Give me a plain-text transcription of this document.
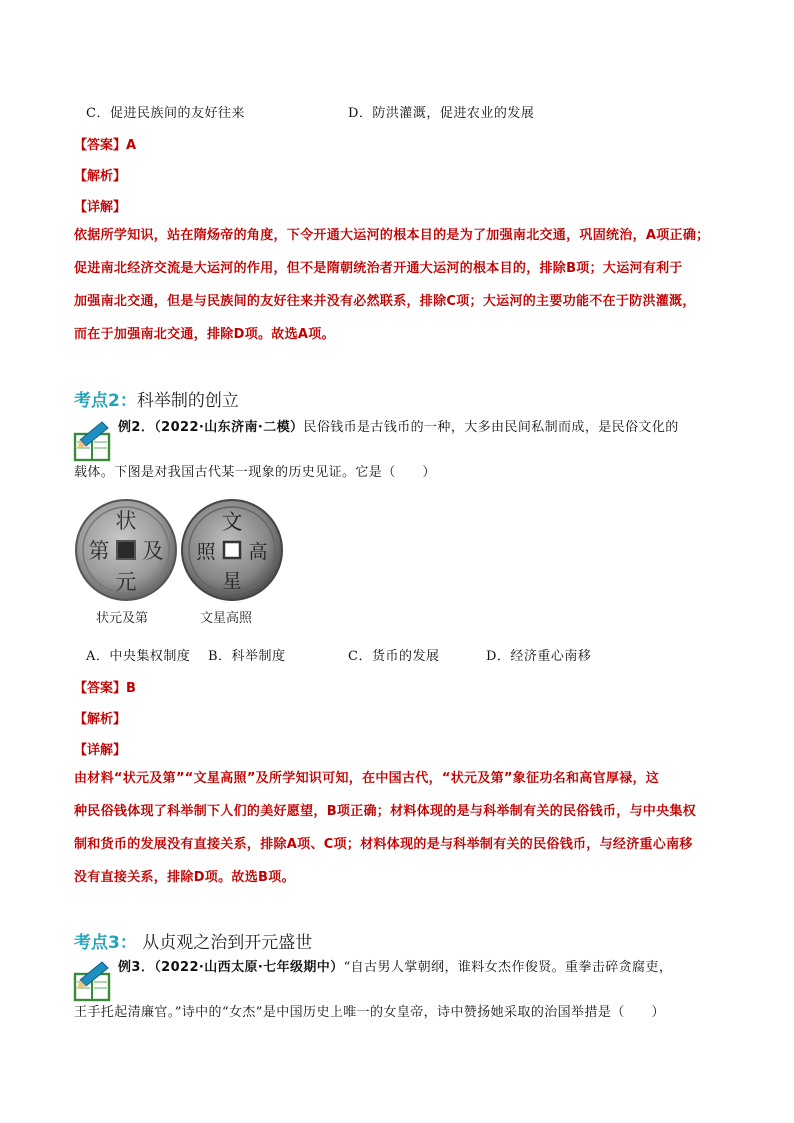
C．促进民族间的友好往来	D．防洪灌溉，促进农业的发展
【答案】A
【解析】
【详解】
依据所学知识，站在隋炀帝的角度，下令开通大运河的根本目的是为了加强南北交通，巩固统治，A项正确；
促进南北经济交流是大运河的作用，但不是隋朝统治者开通大运河的根本目的，排除B项；大运河有利于
加强南北交通，但是与民族间的友好往来并没有必然联系，排除C项；大运河的主要功能不在于防洪灌溉，
而在于加强南北交通，排除D项。故选A项。
考点2：科举制的创立
例2．（2022·山东济南·二模）民俗钱币是古钱币的一种，大多由民间私制而成，是民俗文化的
载体。下图是对我国古代某一现象的历史见证。它是（　　）
状
第 及
元
文
照 高
星
状元及第	文星高照
A．中央集权制度 B．科举制度	C．货币的发展	D．经济重心南移
【答案】B
【解析】
【详解】
由材料“状元及第”“文星高照”及所学知识可知，在中国古代，“状元及第”象征功名和高官厚禄，这
种民俗钱体现了科举制下人们的美好愿望，B项正确；材料体现的是与科举制有关的民俗钱币，与中央集权
制和货币的发展没有直接关系，排除A项、C项；材料体现的是与科举制有关的民俗钱币，与经济重心南移
没有直接关系，排除D项。故选B项。
考点3： 从贞观之治到开元盛世
例3．（2022·山西太原·七年级期中）“自古男人掌朝纲，谁料女杰作俊贤。重拳击碎贪腐吏，
王手托起清廉官。”诗中的“女杰”是中国历史上唯一的女皇帝，诗中赞扬她采取的治国举措是（　　）
